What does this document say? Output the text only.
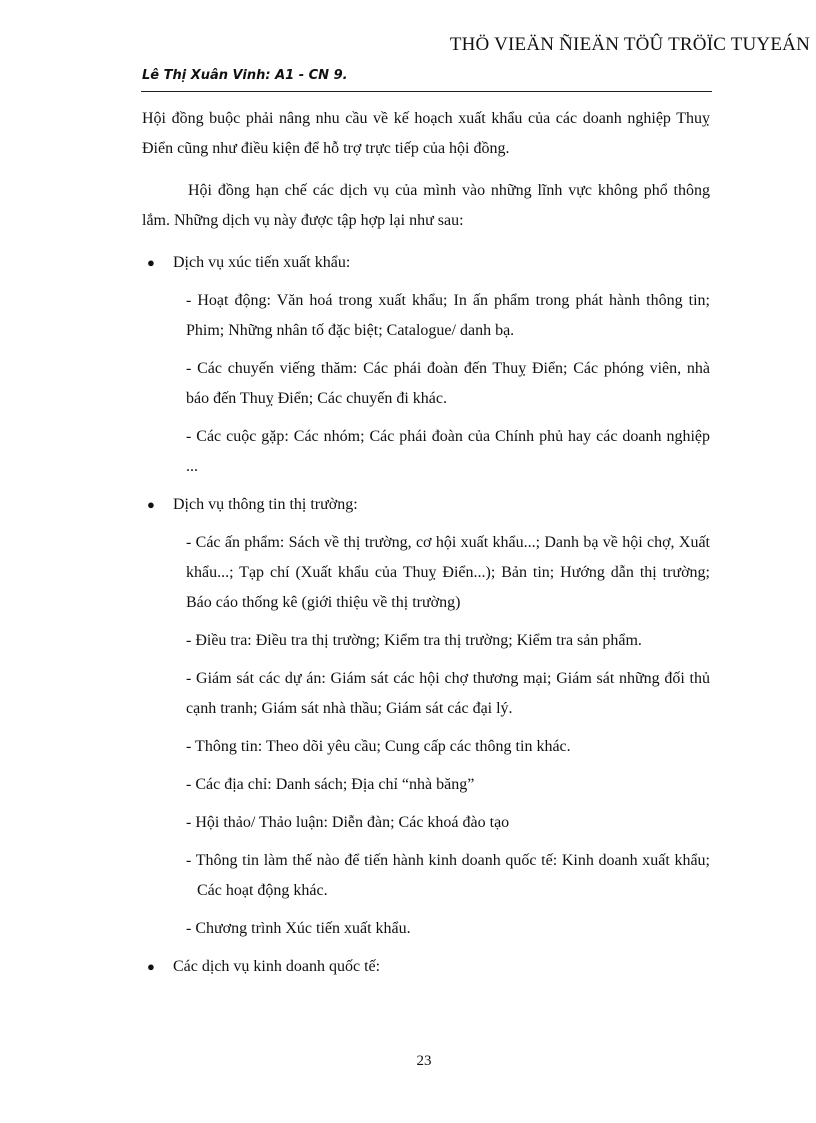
THÖ VIEÄN ÑIEÄN TÖÛ TRÖÏC TUYEÁN
Lê Thị Xuân Vinh: A1 - CN 9.

Hội đồng buộc phải nâng nhu cầu về kế hoạch xuất khẩu của các doanh nghiệp Thuỵ Điển cũng như điều kiện để hỗ trợ trực tiếp của hội đồng.

Hội đồng hạn chế các dịch vụ của mình vào những lĩnh vực không phổ thông lắm. Những dịch vụ này được tập hợp lại như sau:

●	Dịch vụ xúc tiến xuất khẩu:

- Hoạt động: Văn hoá trong xuất khẩu; In ấn phẩm trong phát hành thông tin; Phim; Những nhân tố đặc biệt; Catalogue/ danh bạ.

- Các chuyến viếng thăm: Các phái đoàn đến Thuỵ Điển; Các phóng viên, nhà báo đến Thuỵ Điển; Các chuyến đi khác.

- Các cuộc gặp: Các nhóm; Các phái đoàn của Chính phủ hay các doanh nghiệp ...

●	Dịch vụ thông tin thị trường:

- Các ấn phẩm: Sách về thị trường, cơ hội xuất khẩu...; Danh bạ về hội chợ, Xuất khẩu...; Tạp chí (Xuất khẩu của Thuỵ Điển...); Bản tin; Hướng dẫn thị trường; Báo cáo thống kê (giới thiệu về thị trường)

- Điều tra: Điều tra thị trường; Kiểm tra thị trường; Kiểm tra sản phẩm.

- Giám sát các dự án: Giám sát các hội chợ thương mại; Giám sát những đối thủ cạnh tranh; Giám sát nhà thầu; Giám sát các đại lý.

- Thông tin: Theo dõi yêu cầu; Cung cấp các thông tin khác.

- Các địa chỉ: Danh sách; Địa chỉ “nhà băng”

- Hội thảo/ Thảo luận: Diễn đàn; Các khoá đào tạo

- Thông tin làm thế nào để tiến hành kinh doanh quốc tế: Kinh doanh xuất khẩu; Các hoạt động khác.

- Chương trình Xúc tiến xuất khẩu.

●	Các dịch vụ kinh doanh quốc tế:
23
